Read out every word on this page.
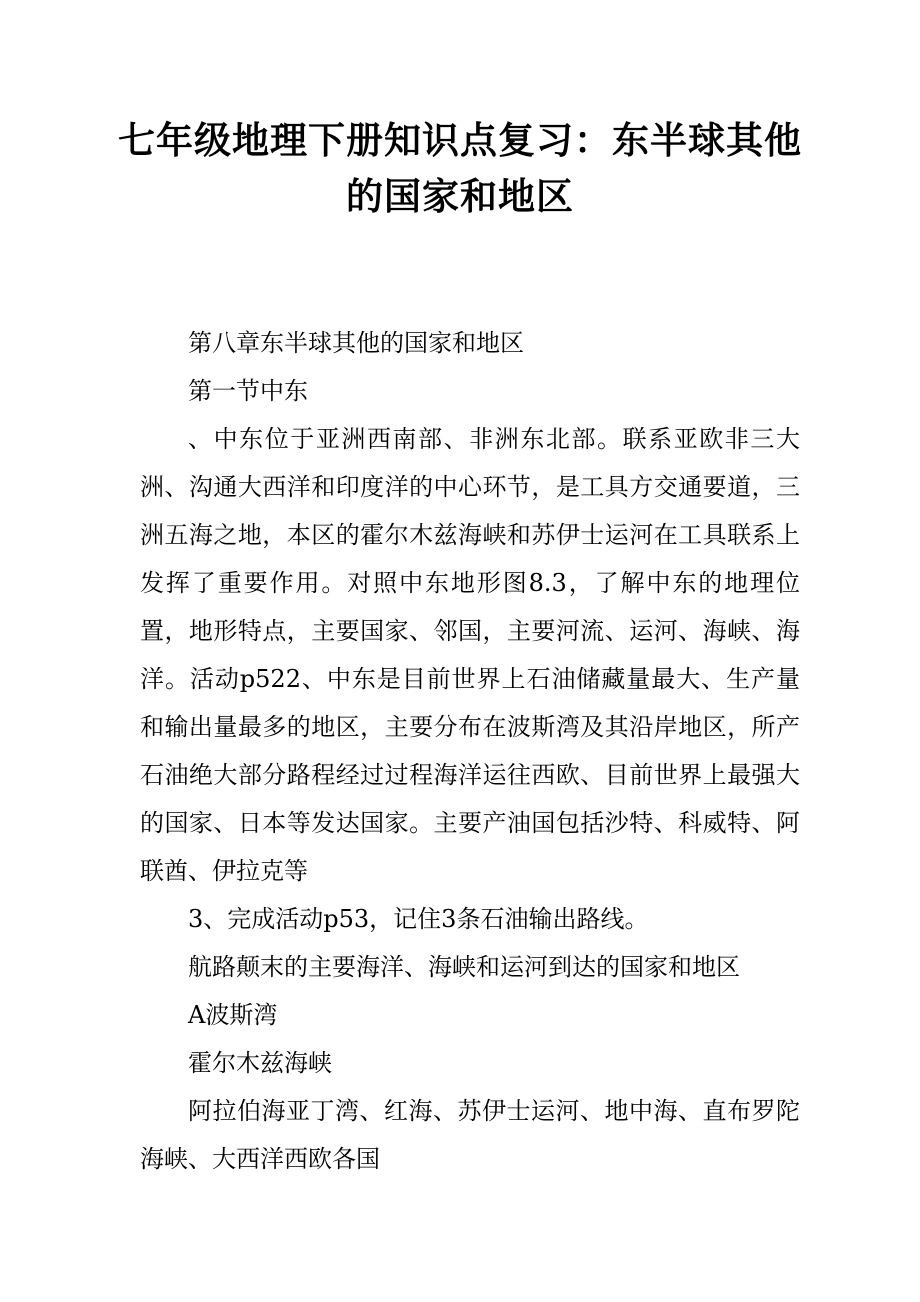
七年级地理下册知识点复习：东半球其他的国家和地区

第八章东半球其他的国家和地区

第一节中东

、中东位于亚洲西南部、非洲东北部。联系亚欧非三大洲、沟通大西洋和印度洋的中心环节，是工具方交通要道，三洲五海之地，本区的霍尔木兹海峡和苏伊士运河在工具联系上发挥了重要作用。对照中东地形图8.3，了解中东的地理位置，地形特点，主要国家、邻国，主要河流、运河、海峡、海洋。活动p522、中东是目前世界上石油储藏量最大、生产量和输出量最多的地区，主要分布在波斯湾及其沿岸地区，所产石油绝大部分路程经过过程海洋运往西欧、目前世界上最强大的国家、日本等发达国家。主要产油国包括沙特、科威特、阿联酋、伊拉克等

3、完成活动p53，记住3条石油输出路线。

航路颠末的主要海洋、海峡和运河到达的国家和地区

A波斯湾

霍尔木兹海峡

阿拉伯海亚丁湾、红海、苏伊士运河、地中海、直布罗陀海峡、大西洋西欧各国
